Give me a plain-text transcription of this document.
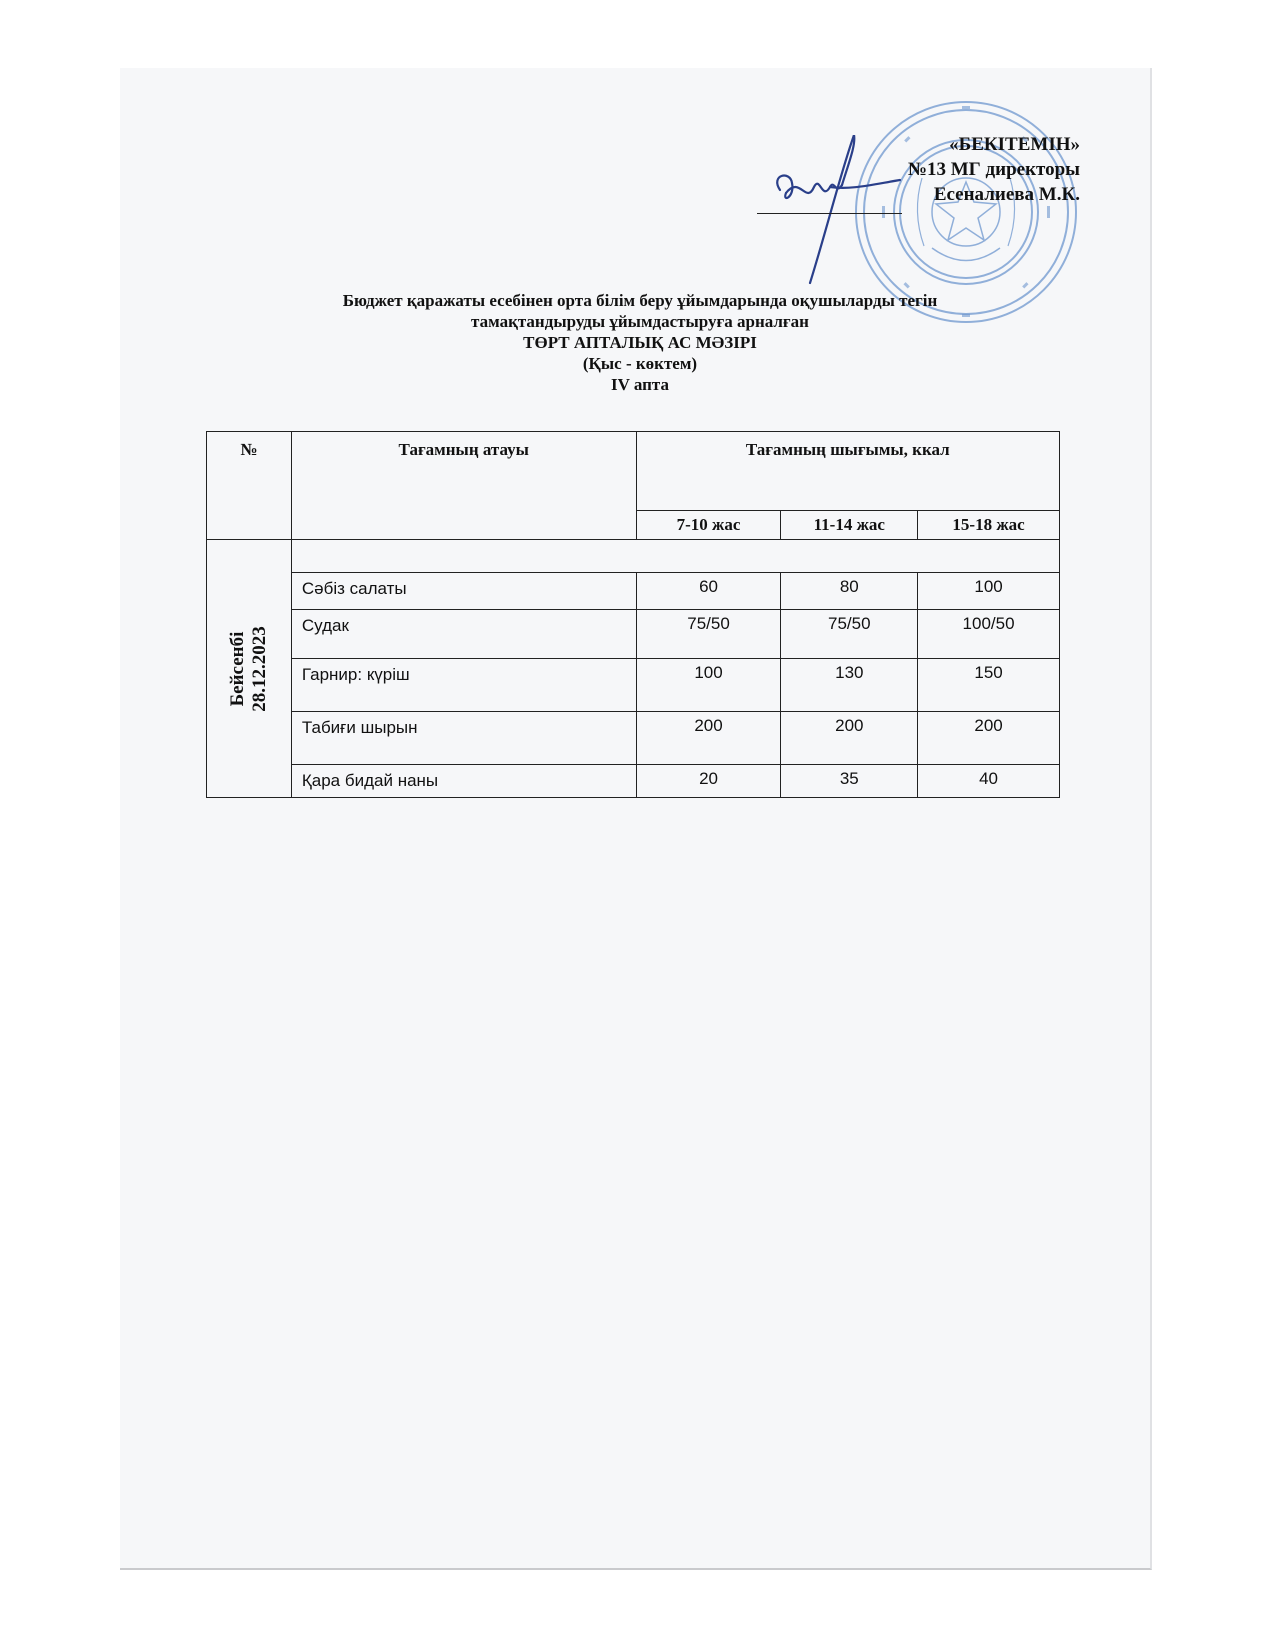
«БЕКІТЕМІН»
№13 МГ директоры
Есеналиева М.К.
Бюджет қаражаты есебінен орта білім беру ұйымдарында оқушыларды тегін
тамақтандыруды ұйымдастыруға арналған
ТӨРТ АПТАЛЫҚ АС МӘЗІРІ
(Қыс - көктем)
IV апта
№	Тағамның атауы	Тағамның шығымы, ккал		
		7-10 жас	11-14 жас	15-18 жас

Бейсенбі 28.12.2023				

	Сәбіз салаты	60	80	100
	Судак	75/50	75/50	100/50
	Гарнир: күріш	100	130	150
	Табиғи шырын	200	200	200
	Қара бидай наны	20	35	40
